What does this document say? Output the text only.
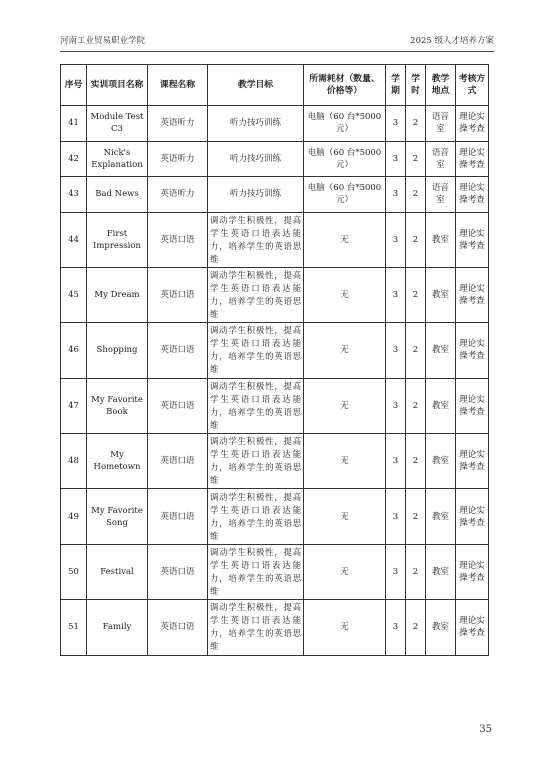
河南工业贸易职业学院	2025 级人才培养方案
序号	实训项目名称	课程名称	教学目标	所需耗材（数量、价格等）	学期	学时	教学地点	考核方式
41	Module Test C3	英语听力	听力技巧训练	电脑（60 台*5000 元）	3	2	语音室	理论实操考查
42	Nick's Explanation	英语听力	听力技巧训练	电脑（60 台*5000 元）	3	2	语音室	理论实操考查
43	Bad News	英语听力	听力技巧训练	电脑（60 台*5000 元）	3	2	语音室	理论实操考查
44	First Impression	英语口语	调动学生积极性，提高学生英语口语表达能力，培养学生的英语思维	无	3	2	教室	理论实操考查
45	My Dream	英语口语	调动学生积极性，提高学生英语口语表达能力，培养学生的英语思维	无	3	2	教室	理论实操考查
46	Shopping	英语口语	调动学生积极性，提高学生英语口语表达能力，培养学生的英语思维	无	3	2	教室	理论实操考查
47	My Favorite Book	英语口语	调动学生积极性，提高学生英语口语表达能力，培养学生的英语思维	无	3	2	教室	理论实操考查
48	My Hometown	英语口语	调动学生积极性，提高学生英语口语表达能力，培养学生的英语思维	无	3	2	教室	理论实操考查
49	My Favorite Song	英语口语	调动学生积极性，提高学生英语口语表达能力，培养学生的英语思维	无	3	2	教室	理论实操考查
50	Festival	英语口语	调动学生积极性，提高学生英语口语表达能力，培养学生的英语思维	无	3	2	教室	理论实操考查
51	Family	英语口语	调动学生积极性，提高学生英语口语表达能力，培养学生的英语思维	无	3	2	教室	理论实操考查
35
